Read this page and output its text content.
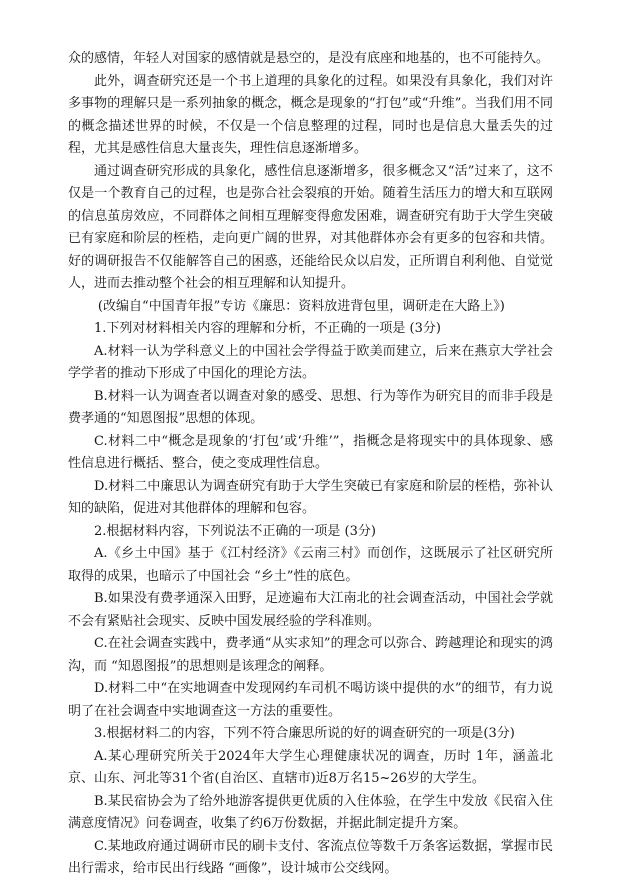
众的感情，年轻人对国家的感情就是悬空的，是没有底座和地基的，也不可能持久。

此外，调查研究还是一个书上道理的具象化的过程。如果没有具象化，我们对许多事物的理解只是一系列抽象的概念，概念是现象的“打包”或“升维”。当我们用不同的概念描述世界的时候，不仅是一个信息整理的过程，同时也是信息大量丢失的过程，尤其是感性信息大量丧失，理性信息逐渐增多。

通过调查研究形成的具象化，感性信息逐渐增多，很多概念又“活”过来了，这不仅是一个教育自己的过程，也是弥合社会裂痕的开始。随着生活压力的增大和互联网的信息茧房效应，不同群体之间相互理解变得愈发困难，调查研究有助于大学生突破已有家庭和阶层的桎梏，走向更广阔的世界，对其他群体亦会有更多的包容和共情。好的调研报告不仅能解答自己的困惑，还能给民众以启发，正所谓自利利他、自觉觉人，进而去推动整个社会的相互理解和认知提升。

(改编自“中国青年报”专访《廉思：资料放进背包里，调研走在大路上》)

1.下列对材料相关内容的理解和分析，不正确的一项是 (3分)

A.材料一认为学科意义上的中国社会学得益于欧美而建立，后来在燕京大学社会学学者的推动下形成了中国化的理论方法。

B.材料一认为调查者以调查对象的感受、思想、行为等作为研究目的而非手段是费孝通的“知恩图报”思想的体现。

C.材料二中“概念是现象的‘打包’或‘升维’”，指概念是将现实中的具体现象、感性信息进行概括、整合，使之变成理性信息。

D.材料二中廉思认为调查研究有助于大学生突破已有家庭和阶层的桎梏，弥补认知的缺陷，促进对其他群体的理解和包容。

2.根据材料内容，下列说法不正确的一项是 (3分)

A.《乡土中国》基于《江村经济》《云南三村》而创作，这既展示了社区研究所取得的成果，也暗示了中国社会 “乡土”性的底色。

B.如果没有费孝通深入田野，足迹遍布大江南北的社会调查活动，中国社会学就不会有紧贴社会现实、反映中国发展经验的学科准则。

C.在社会调查实践中，费孝通“从实求知”的理念可以弥合、跨越理论和现实的鸿沟，而 “知恩图报”的思想则是该理念的阐释。

D.材料二中“在实地调查中发现网约车司机不喝访谈中提供的水”的细节，有力说明了在社会调查中实地调查这一方法的重要性。

3.根据材料二的内容，下列不符合廉思所说的好的调查研究的一项是(3分)

A.某心理研究所关于2024年大学生心理健康状况的调查，历时 1年，涵盖北京、山东、河北等31个省(自治区、直辖市)近8万名15~26岁的大学生。

B.某民宿协会为了给外地游客提供更优质的入住体验，在学生中发放《民宿入住满意度情况》问卷调查，收集了约6万份数据，并据此制定提升方案。

C.某地政府通过调研市民的刷卡支付、客流点位等数千万条客运数据，掌握市民出行需求，给市民出行线路 “画像”，设计城市公交线网。
